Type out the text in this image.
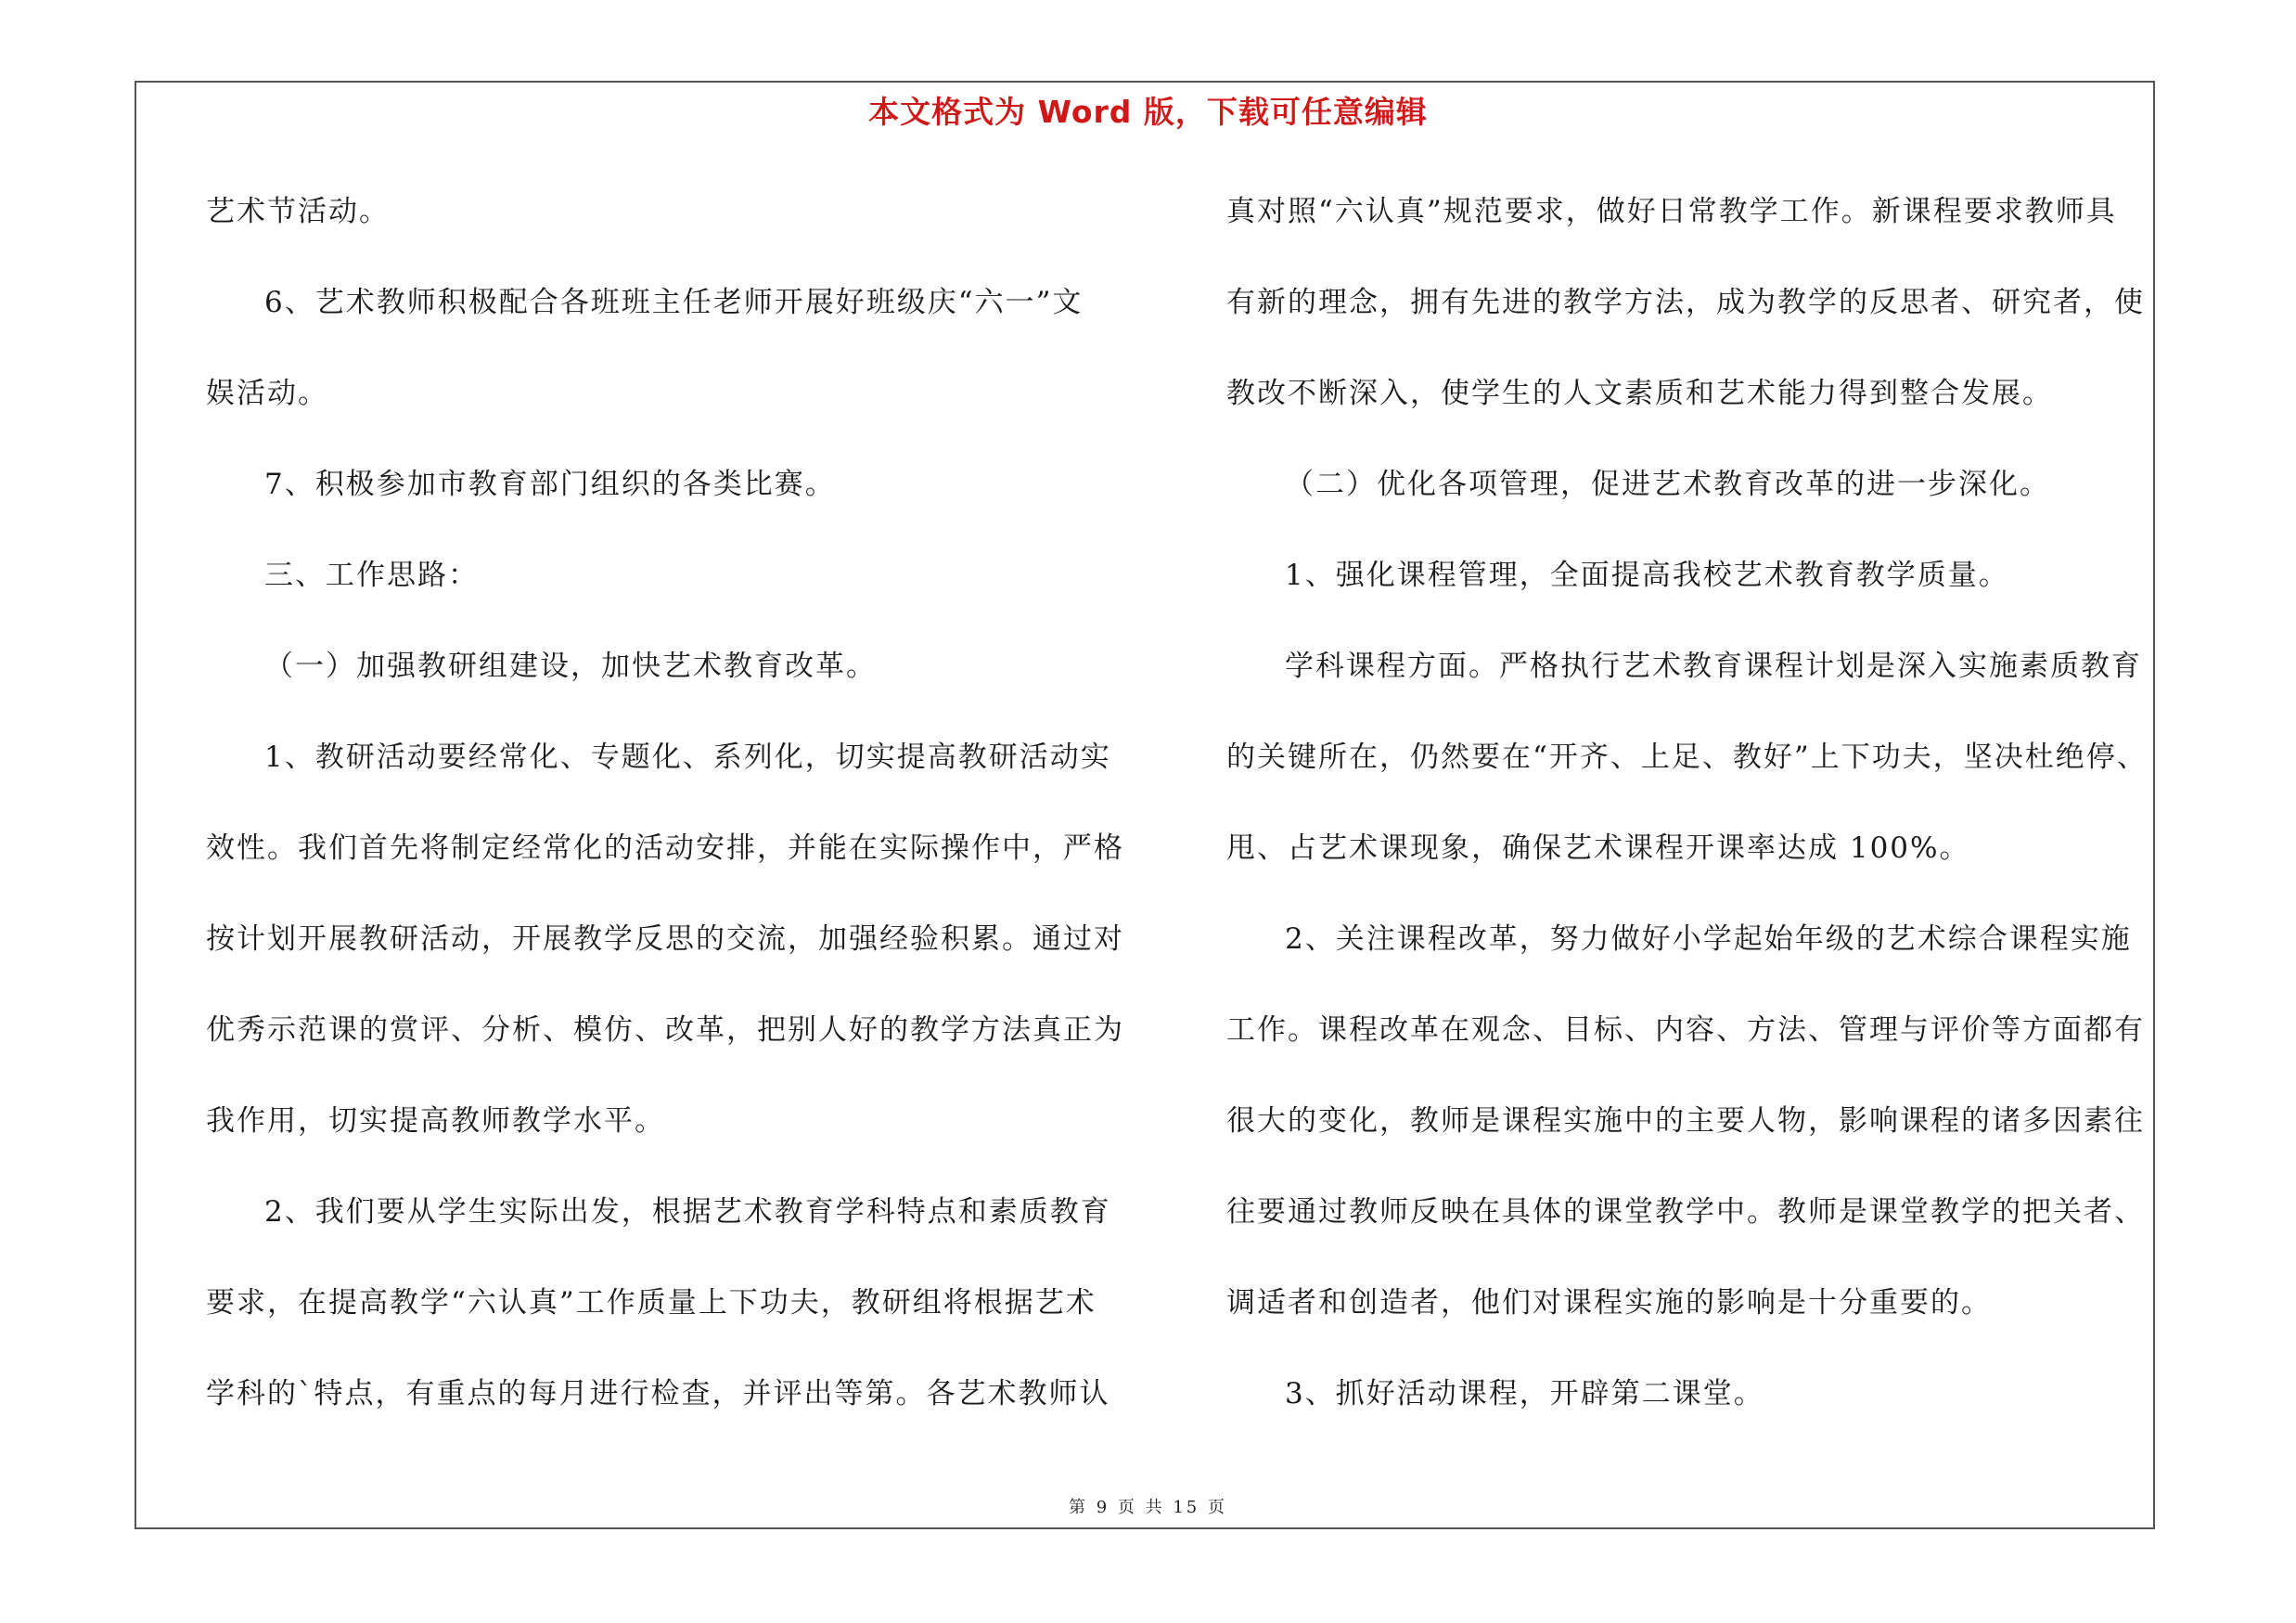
本文格式为 Word 版，下载可任意编辑
艺术节活动。
6、艺术教师积极配合各班班主任老师开展好班级庆“六一”文
娱活动。
7、积极参加市教育部门组织的各类比赛。
三、工作思路：
（一）加强教研组建设，加快艺术教育改革。
1、教研活动要经常化、专题化、系列化，切实提高教研活动实
效性。我们首先将制定经常化的活动安排，并能在实际操作中，严格
按计划开展教研活动，开展教学反思的交流，加强经验积累。通过对
优秀示范课的赏评、分析、模仿、改革，把别人好的教学方法真正为
我作用，切实提高教师教学水平。
2、我们要从学生实际出发，根据艺术教育学科特点和素质教育
要求，在提高教学“六认真”工作质量上下功夫，教研组将根据艺术
学科的`特点，有重点的每月进行检查，并评出等第。各艺术教师认
真对照“六认真”规范要求，做好日常教学工作。新课程要求教师具
有新的理念，拥有先进的教学方法，成为教学的反思者、研究者，使
教改不断深入，使学生的人文素质和艺术能力得到整合发展。
（二）优化各项管理，促进艺术教育改革的进一步深化。
1、强化课程管理，全面提高我校艺术教育教学质量。
学科课程方面。严格执行艺术教育课程计划是深入实施素质教育
的关键所在，仍然要在“开齐、上足、教好”上下功夫，坚决杜绝停、
甩、占艺术课现象，确保艺术课程开课率达成 100%。
2、关注课程改革，努力做好小学起始年级的艺术综合课程实施
工作。课程改革在观念、目标、内容、方法、管理与评价等方面都有
很大的变化，教师是课程实施中的主要人物，影响课程的诸多因素往
往要通过教师反映在具体的课堂教学中。教师是课堂教学的把关者、
调适者和创造者，他们对课程实施的影响是十分重要的。
3、抓好活动课程，开辟第二课堂。
第 9 页 共 15 页
